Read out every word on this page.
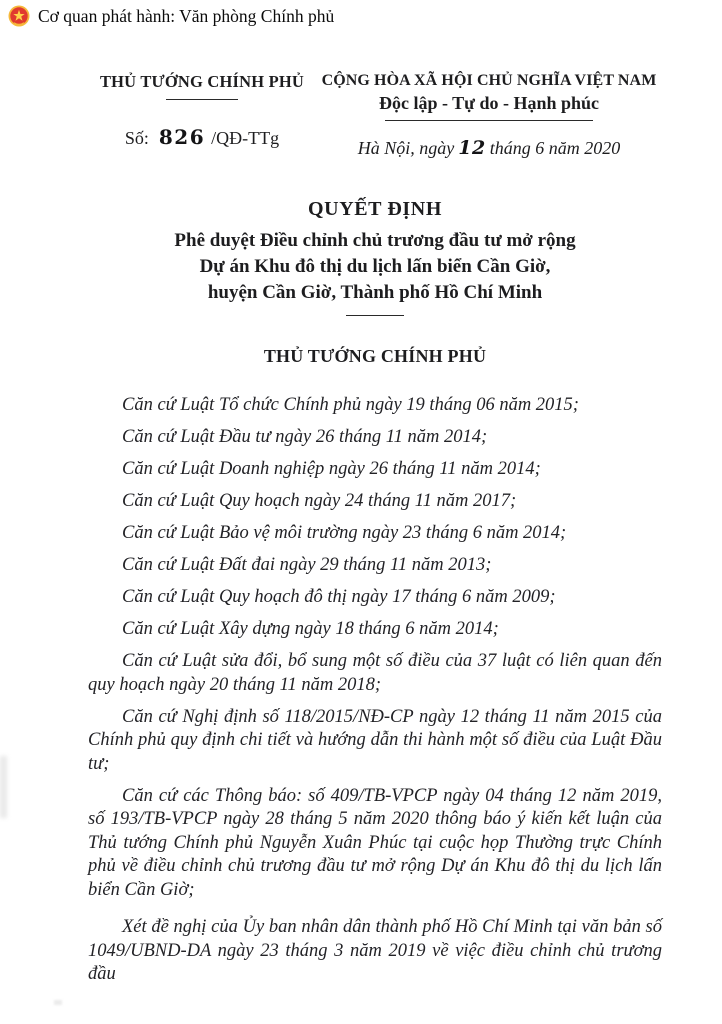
Cơ quan phát hành: Văn phòng Chính phủ
THỦ TƯỚNG CHÍNH PHỦ
Số: 826 /QĐ-TTg
CỘNG HÒA XÃ HỘI CHỦ NGHĨA VIỆT NAM
Độc lập - Tự do - Hạnh phúc
Hà Nội, ngày 12 tháng 6 năm 2020
QUYẾT ĐỊNH
Phê duyệt Điều chỉnh chủ trương đầu tư mở rộng
Dự án Khu đô thị du lịch lấn biển Cần Giờ,
huyện Cần Giờ, Thành phố Hồ Chí Minh
THỦ TƯỚNG CHÍNH PHỦ

Căn cứ Luật Tổ chức Chính phủ ngày 19 tháng 06 năm 2015;

Căn cứ Luật Đầu tư ngày 26 tháng 11 năm 2014;

Căn cứ Luật Doanh nghiệp ngày 26 tháng 11 năm 2014;

Căn cứ Luật Quy hoạch ngày 24 tháng 11 năm 2017;

Căn cứ Luật Bảo vệ môi trường ngày 23 tháng 6 năm 2014;

Căn cứ Luật Đất đai ngày 29 tháng 11 năm 2013;

Căn cứ Luật Quy hoạch đô thị ngày 17 tháng 6 năm 2009;

Căn cứ Luật Xây dựng ngày 18 tháng 6 năm 2014;

Căn cứ Luật sửa đổi, bổ sung một số điều của 37 luật có liên quan đến quy hoạch ngày 20 tháng 11 năm 2018;

Căn cứ Nghị định số 118/2015/NĐ-CP ngày 12 tháng 11 năm 2015 của Chính phủ quy định chi tiết và hướng dẫn thi hành một số điều của Luật Đầu tư;

Căn cứ các Thông báo: số 409/TB-VPCP ngày 04 tháng 12 năm 2019, số 193/TB-VPCP ngày 28 tháng 5 năm 2020 thông báo ý kiến kết luận của Thủ tướng Chính phủ Nguyễn Xuân Phúc tại cuộc họp Thường trực Chính phủ về điều chỉnh chủ trương đầu tư mở rộng Dự án Khu đô thị du lịch lấn biển Cần Giờ;

Xét đề nghị của Ủy ban nhân dân thành phố Hồ Chí Minh tại văn bản số 1049/UBND-DA ngày 23 tháng 3 năm 2019 về việc điều chỉnh chủ trương đầu
